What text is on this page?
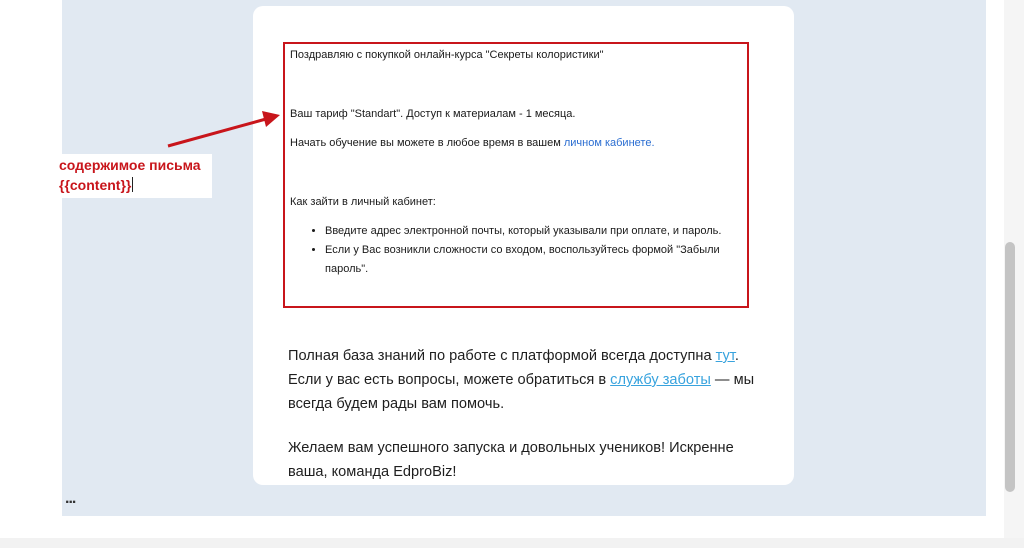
Поздравляю с покупкой онлайн-курса "Секреты колористики"

Ваш тариф "Standart". Доступ к материалам - 1 месяца.

Начать обучение вы можете в любое время в вашем личном кабинете.

Как зайти в личный кабинет:

• Введите адрес электронной почты, который указывали при оплате, и пароль.
• Если у Вас возникли сложности со входом, воспользуйтесь формой "Забыли пароль".

Полная база знаний по работе с платформой всегда доступна тут. Если у вас есть вопросы, можете обратиться в службу заботы — мы всегда будем рады вам помочь.

Желаем вам успешного запуска и довольных учеников! Искренне ваша, команда EdproBiz!

содержимое письма
{{content}}
...
